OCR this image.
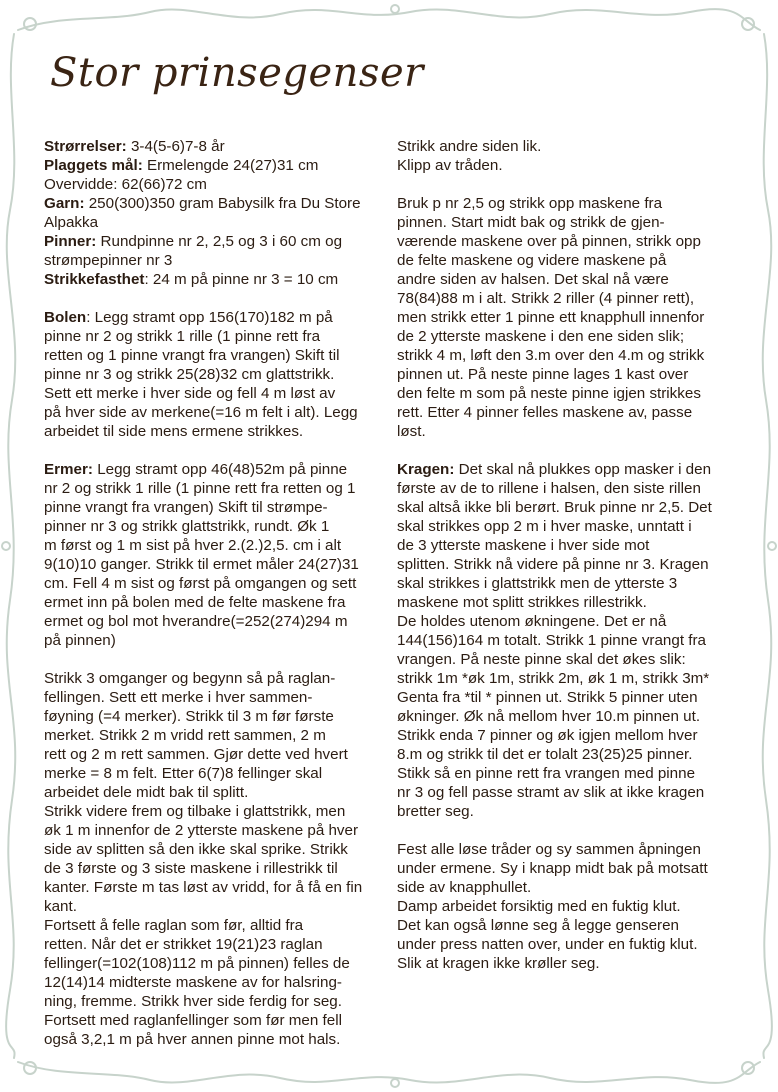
Stor prinsegenser

Strørrelser: 3-4(5-6)7-8 år

Plaggets mål: Ermelengde 24(27)31 cm

Overvidde: 62(66)72 cm

Garn: 250(300)350 gram Babysilk fra Du Store

Alpakka

Pinner: Rundpinne nr 2, 2,5 og 3 i 60 cm og

strømpepinner nr 3

Strikkefasthet: 24 m på pinne nr 3 = 10 cm

Bolen: Legg stramt opp 156(170)182 m på

pinne nr 2 og strikk 1 rille (1 pinne rett fra

retten og 1 pinne vrangt fra vrangen) Skift til

pinne nr 3 og strikk 25(28)32 cm glattstrikk.

Sett ett merke i hver side og fell 4 m løst av

på hver side av merkene(=16 m felt i alt). Legg

arbeidet til side mens ermene strikkes.

Ermer: Legg stramt opp 46(48)52m på pinne

nr 2 og strikk 1 rille (1 pinne rett fra retten og 1

pinne vrangt fra vrangen) Skift til strømpe-

pinner nr 3 og strikk glattstrikk, rundt. Øk 1

m først og 1 m sist på hver 2.(2.)2,5. cm i alt

9(10)10 ganger. Strikk til ermet måler 24(27)31

cm. Fell 4 m sist og først på omgangen og sett

ermet inn på bolen med de felte maskene fra

ermet og bol mot hverandre(=252(274)294 m

på pinnen)

Strikk 3 omganger og begynn så på raglan-

fellingen. Sett ett merke i hver sammen-

føyning (=4 merker). Strikk til 3 m før første

merket. Strikk 2 m vridd rett sammen, 2 m

rett og 2 m rett sammen. Gjør dette ved hvert

merke = 8 m felt. Etter 6(7)8 fellinger skal

arbeidet dele midt bak til splitt.

Strikk videre frem og tilbake i glattstrikk, men

øk 1 m innenfor de 2 ytterste maskene på hver

side av splitten så den ikke skal sprike. Strikk

de 3 første og 3 siste maskene i rillestrikk til

kanter. Første m tas løst av vridd, for å få en fin

kant.

Fortsett å felle raglan som før, alltid fra

retten. Når det er strikket 19(21)23 raglan

fellinger(=102(108)112 m på pinnen) felles de

12(14)14 midterste maskene av for halsring-

ning, fremme. Strikk hver side ferdig for seg.

Fortsett med raglanfellinger som før men fell

også 3,2,1 m på hver annen pinne mot hals.

Strikk andre siden lik.

Klipp av tråden.

Bruk p nr 2,5 og strikk opp maskene fra

pinnen. Start midt bak og strikk de gjen-

værende maskene over på pinnen, strikk opp

de felte maskene og videre maskene på

andre siden av halsen. Det skal nå være

78(84)88 m i alt. Strikk 2 riller (4 pinner rett),

men strikk etter 1 pinne ett knapphull innenfor

de 2 ytterste maskene i den ene siden slik;

strikk 4 m, løft den 3.m over den 4.m og strikk

pinnen ut. På neste pinne lages 1 kast over

den felte m som på neste pinne igjen strikkes

rett. Etter 4 pinner felles maskene av, passe

løst.

Kragen: Det skal nå plukkes opp masker i den

første av de to rillene i halsen, den siste rillen

skal altså ikke bli berørt. Bruk pinne nr 2,5. Det

skal strikkes opp 2 m i hver maske, unntatt i

de 3 ytterste maskene i hver side mot

splitten. Strikk nå videre på pinne nr 3. Kragen

skal strikkes i glattstrikk men de ytterste 3

maskene mot splitt strikkes rillestrikk.

De holdes utenom økningene. Det er nå

144(156)164 m totalt. Strikk 1 pinne vrangt fra

vrangen. På neste pinne skal det økes slik:

strikk 1m *øk 1m, strikk 2m, øk 1 m, strikk 3m*

Genta fra *til * pinnen ut. Strikk 5 pinner uten

økninger. Øk nå mellom hver 10.m pinnen ut.

Strikk enda 7 pinner og øk igjen mellom hver

8.m og strikk til det er tolalt 23(25)25 pinner.

Stikk så en pinne rett fra vrangen med pinne

nr 3 og fell passe stramt av slik at ikke kragen

bretter seg.

Fest alle løse tråder og sy sammen åpningen

under ermene. Sy i knapp midt bak på motsatt

side av knapphullet.

Damp arbeidet forsiktig med en fuktig klut.

Det kan også lønne seg å legge genseren

under press natten over, under en fuktig klut.

Slik at kragen ikke krøller seg.
